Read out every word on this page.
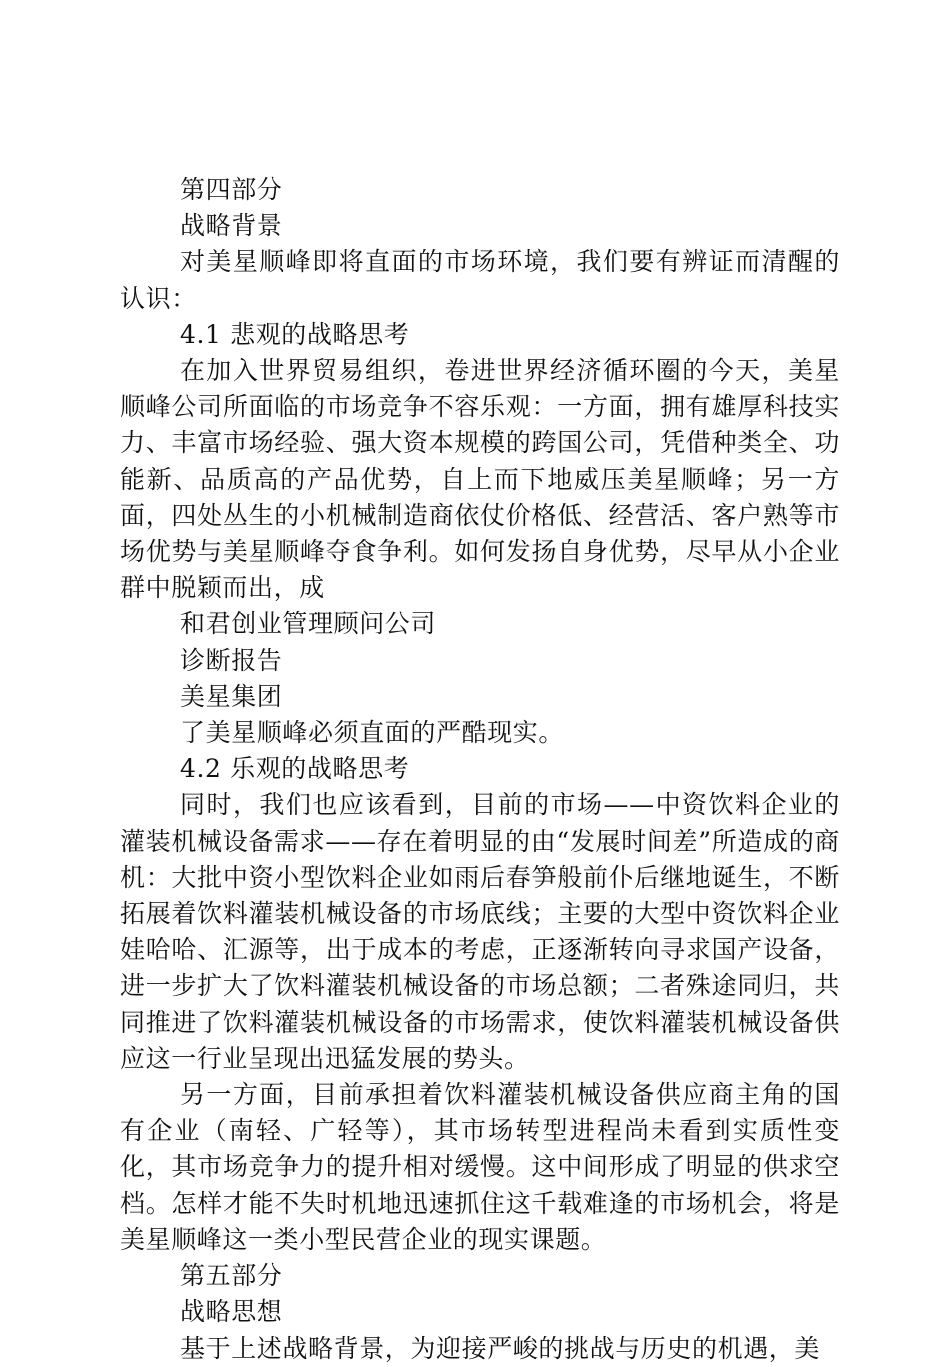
第四部分

战略背景

对美星顺峰即将直面的市场环境，我们要有辨证而清醒的认识：

4.1 悲观的战略思考

在加入世界贸易组织，卷进世界经济循环圈的今天，美星顺峰公司所面临的市场竞争不容乐观：一方面，拥有雄厚科技实力、丰富市场经验、强大资本规模的跨国公司，凭借种类全、功能新、品质高的产品优势，自上而下地威压美星顺峰；另一方面，四处丛生的小机械制造商依仗价格低、经营活、客户熟等市场优势与美星顺峰夺食争利。如何发扬自身优势，尽早从小企业群中脱颖而出，成

和君创业管理顾问公司

诊断报告

美星集团

了美星顺峰必须直面的严酷现实。

4.2 乐观的战略思考

同时，我们也应该看到，目前的市场——中资饮料企业的灌装机械设备需求——存在着明显的由“发展时间差”所造成的商机：大批中资小型饮料企业如雨后春笋般前仆后继地诞生，不断拓展着饮料灌装机械设备的市场底线；主要的大型中资饮料企业娃哈哈、汇源等，出于成本的考虑，正逐渐转向寻求国产设备，进一步扩大了饮料灌装机械设备的市场总额；二者殊途同归，共同推进了饮料灌装机械设备的市场需求，使饮料灌装机械设备供应这一行业呈现出迅猛发展的势头。

另一方面，目前承担着饮料灌装机械设备供应商主角的国有企业（南轻、广轻等），其市场转型进程尚未看到实质性变化，其市场竞争力的提升相对缓慢。这中间形成了明显的供求空档。怎样才能不失时机地迅速抓住这千载难逢的市场机会，将是美星顺峰这一类小型民营企业的现实课题。

第五部分

战略思想

基于上述战略背景，为迎接严峻的挑战与历史的机遇，美
